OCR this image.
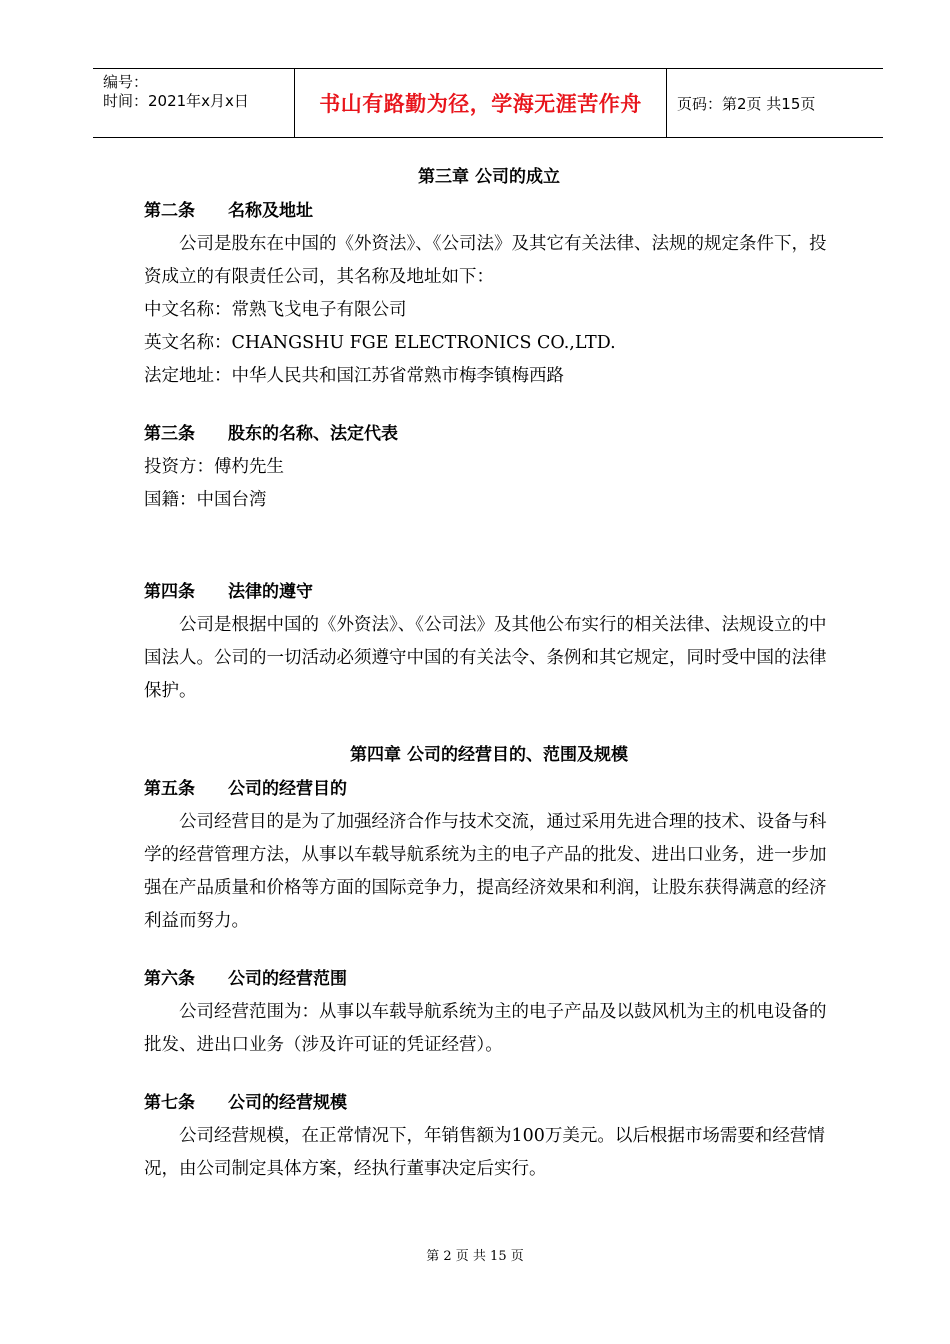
编号：
时间：2021年x月x日	书山有路勤为径，学海无涯苦作舟	页码：第2页 共15页
第三章 公司的成立
第二条 名称及地址

公司是股东在中国的《外资法》、《公司法》及其它有关法律、法规的规定条件下，投资成立的有限责任公司，其名称及地址如下：

中文名称：常熟飞戈电子有限公司

英文名称：CHANGSHU FGE ELECTRONICS CO.,LTD.

法定地址：中华人民共和国江苏省常熟市梅李镇梅西路

第三条 股东的名称、法定代表

投资方：傅杓先生

国籍：中国台湾

第四条 法律的遵守

公司是根据中国的《外资法》、《公司法》及其他公布实行的相关法律、法规设立的中国法人。公司的一切活动必须遵守中国的有关法令、条例和其它规定，同时受中国的法律保护。

第四章 公司的经营目的、范围及规模
第五条 公司的经营目的

公司经营目的是为了加强经济合作与技术交流，通过采用先进合理的技术、设备与科学的经营管理方法，从事以车载导航系统为主的电子产品的批发、进出口业务，进一步加强在产品质量和价格等方面的国际竞争力，提高经济效果和利润，让股东获得满意的经济利益而努力。

第六条 公司的经营范围

公司经营范围为：从事以车载导航系统为主的电子产品及以鼓风机为主的机电设备的批发、进出口业务（涉及许可证的凭证经营）。

第七条 公司的经营规模

公司经营规模，在正常情况下，年销售额为100万美元。以后根据市场需要和经营情况，由公司制定具体方案，经执行董事决定后实行。

第 2 页 共 15 页
